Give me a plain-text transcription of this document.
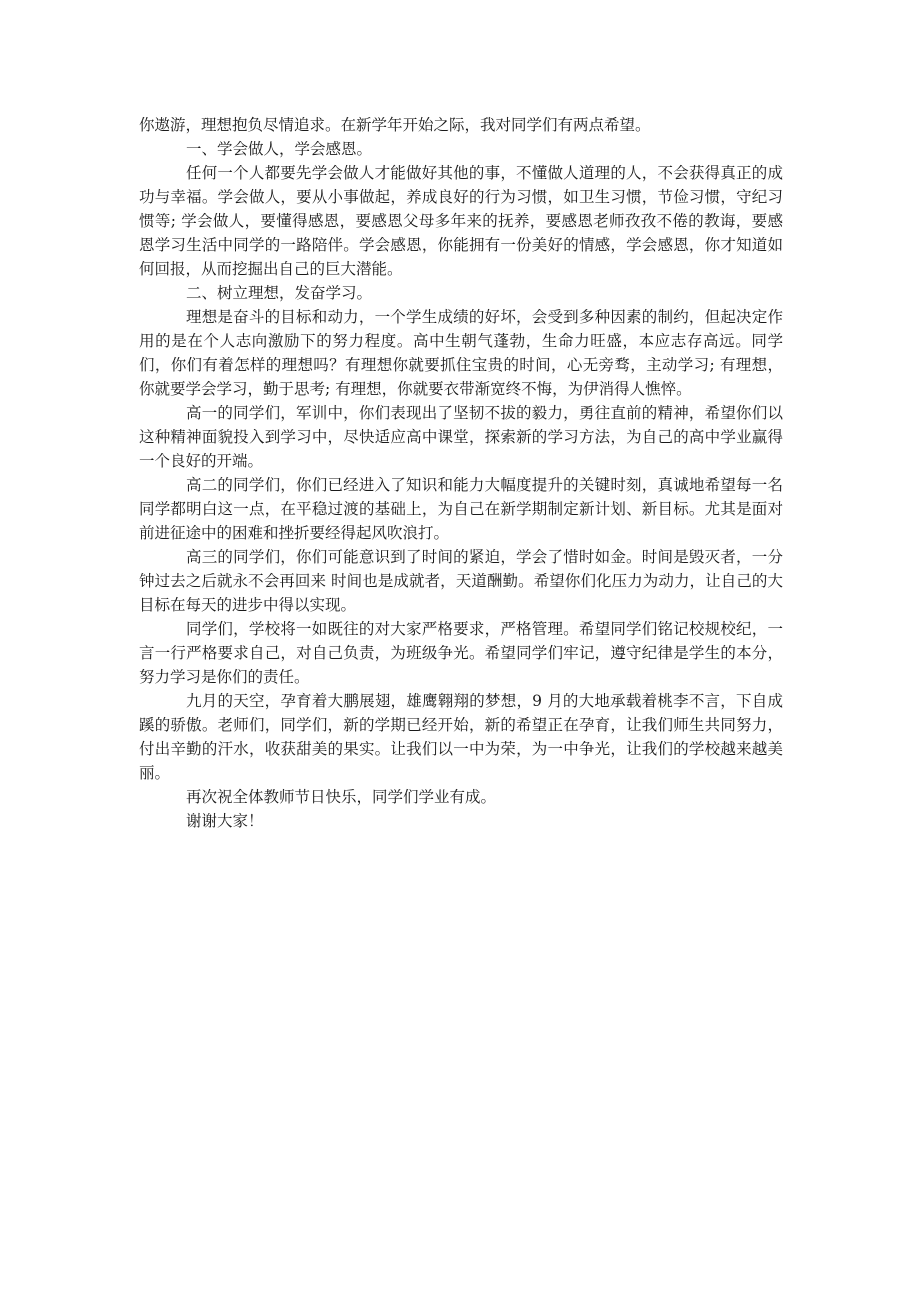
你遨游，理想抱负尽情追求。在新学年开始之际，我对同学们有两点希望。

一、学会做人，学会感恩。

任何一个人都要先学会做人才能做好其他的事，不懂做人道理的人，不会获得真正的成功与幸福。学会做人，要从小事做起，养成良好的行为习惯，如卫生习惯，节俭习惯，守纪习惯等; 学会做人，要懂得感恩，要感恩父母多年来的抚养，要感恩老师孜孜不倦的教诲，要感恩学习生活中同学的一路陪伴。学会感恩，你能拥有一份美好的情感，学会感恩，你才知道如何回报，从而挖掘出自己的巨大潜能。

二、树立理想，发奋学习。

理想是奋斗的目标和动力，一个学生成绩的好坏，会受到多种因素的制约，但起决定作用的是在个人志向激励下的努力程度。高中生朝气蓬勃，生命力旺盛，本应志存高远。同学们，你们有着怎样的理想吗？有理想你就要抓住宝贵的时间，心无旁骛，主动学习; 有理想，你就要学会学习，勤于思考; 有理想，你就要衣带渐宽终不悔，为伊消得人憔悴。

高一的同学们，军训中，你们表现出了坚韧不拔的毅力，勇往直前的精神，希望你们以这种精神面貌投入到学习中，尽快适应高中课堂，探索新的学习方法，为自己的高中学业赢得一个良好的开端。

高二的同学们，你们已经进入了知识和能力大幅度提升的关键时刻，真诚地希望每一名同学都明白这一点，在平稳过渡的基础上，为自己在新学期制定新计划、新目标。尤其是面对前进征途中的困难和挫折要经得起风吹浪打。

高三的同学们，你们可能意识到了时间的紧迫，学会了惜时如金。时间是毁灭者，一分钟过去之后就永不会再回来 时间也是成就者，天道酬勤。希望你们化压力为动力，让自己的大目标在每天的进步中得以实现。

同学们，学校将一如既往的对大家严格要求，严格管理。希望同学们铭记校规校纪，一言一行严格要求自己，对自己负责，为班级争光。希望同学们牢记，遵守纪律是学生的本分，努力学习是你们的责任。

九月的天空，孕育着大鹏展翅，雄鹰翱翔的梦想，9 月的大地承载着桃李不言，下自成蹊的骄傲。老师们，同学们，新的学期已经开始，新的希望正在孕育，让我们师生共同努力，付出辛勤的汗水，收获甜美的果实。让我们以一中为荣，为一中争光，让我们的学校越来越美丽。

再次祝全体教师节日快乐，同学们学业有成。

谢谢大家！
